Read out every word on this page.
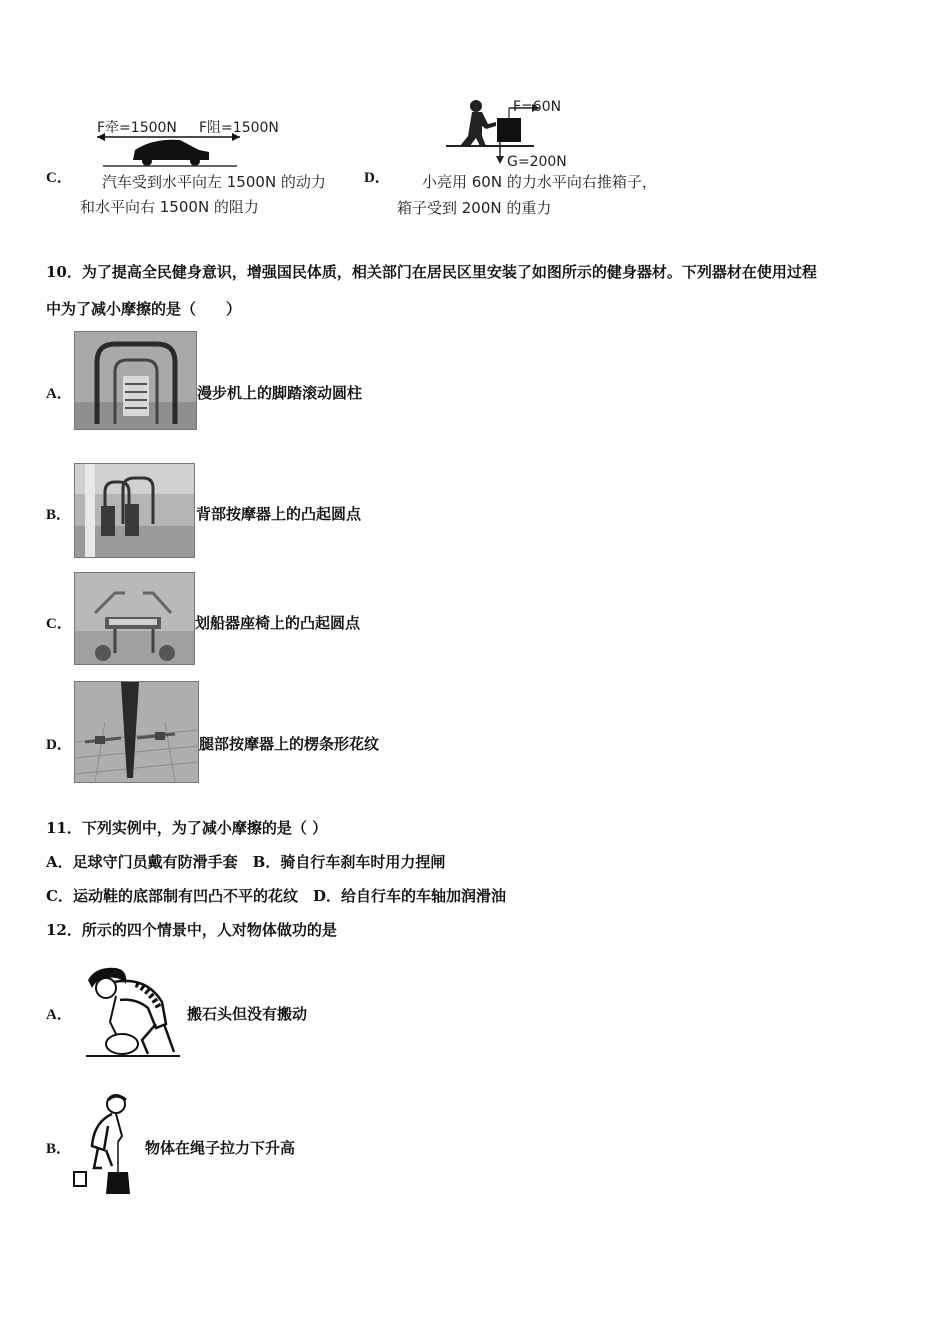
F牵=1500N F阻=1500N
C． 汽车受到水平向左 1500N 的动力
和水平向右 1500N 的阻力
F=60N
G=200N
D． 小亮用 60N 的力水平向右推箱子，
箱子受到 200N 的重力
10．为了提高全民健身意识，增强国民体质，相关部门在居民区里安装了如图所示的健身器材。下列器材在使用过程
中为了减小摩擦的是（　　）
A．	漫步机上的脚踏滚动圆柱
B．	背部按摩器上的凸起圆点
C．	划船器座椅上的凸起圆点
D．	腿部按摩器上的楞条形花纹
11．下列实例中，为了减小摩擦的是（ ）
A．足球守门员戴有防滑手套　B．骑自行车刹车时用力捏闸
C．运动鞋的底部制有凹凸不平的花纹　D．给自行车的车轴加润滑油
12．所示的四个情景中，人对物体做功的是
A．	搬石头但没有搬动
B．	物体在绳子拉力下升高
